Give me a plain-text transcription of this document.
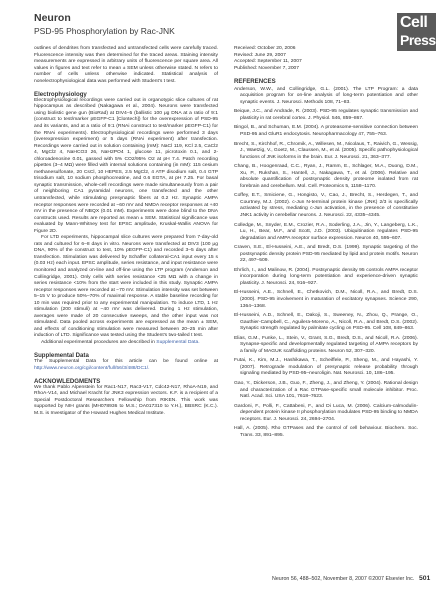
Neuron
PSD-95 Phosphorylation by Rac-JNK	Cell
Press

outlines of dendrites from transfected and untransfected cells were carefully traced. Fluorescence intensity was then determined for the traced areas. Staining intensity measurements are expressed in arbitrary units of fluorescence per square area. All values in figures and text refer to mean ± SEM unless otherwise stated. N refers to number of cells unless otherwise indicated. Statistical analysis of nonelectrophysiological data was performed with Student's t test.

Electrophysiology

Electrophysiological recordings were carried out in organotypic slice cultures of rat hippocampus as described (Nakagawa et al., 2004). Neurons were transfected using biolistic gene gun (BioRad) at DIV4–5 (ballistic 100 μg DNA at a ratio of 9:1 (construct to test/marker pEGFP-C1 [Clontech]) for the overexpression of PSD-95 and its variants, and at a ratio of 9:1 (RNAi construct to test/marker pEGFP-C1) for the RNAi experiments). Electrophysiological recordings were performed 3 days (overexpression experiment) or 5 days (RNAi experiment) after transfection. Recordings were carried out in solution containing (mM): NaCl 119, KCl 2.5, CaCl2 4, MgCl2 4, NaHCO3 26, NaH2PO4 1, glucose 11, picrotoxin 0.1, and 2-chloroadenosine 0.01, gassed with 5% CO2/95% O2 at pH 7.4. Patch recording pipettes (3–4 MΩ) were filled with internal solutions containing (in mM): 115 cesium methanesulfonate, 20 CsCl, 10 HEPES, 2.5 MgCl2, 4 ATP disodium salt, 0.4 GTP trisodium salt, 10 sodium phosphocreatine, and 0.6 EGTA, at pH 7.25. For basal synaptic transmission, whole-cell recordings were made simultaneously from a pair of neighboring CA1 pyramidal neurons, one transfected and the other untransfected, while stimulating presynaptic fibers at 0.2 Hz. Synaptic AMPA receptor responses were recorded at −60 mV and NMDA receptor responses at +40 mV in the presence of NBQX (0.01 mM). Experiments were done blind to the DNA constructs used. Results are reported as mean ± SEM. Statistical significance was evaluated by Mann-Whitney test for EPSC amplitude, Kruskal-Wallis ANOVA for Figure 2D.

For LTD experiments, hippocampal slice cultures were prepared from 7-day-old rats and cultured for 6–8 days in vitro. Neurons were transfected at DIV3 (100 μg DNA, 90% of the construct to test, 10% pEGFP-C1) and recorded 3–5 days after transfection. Stimulation was delivered by Schaffer collateral-CA1 input every 15 s (0.03 Hz) each input. EPSC amplitude, series resistance, and input resistance were monitored and analyzed on-line and off-line using the LTP program (Anderson and Collingridge, 2001). Only cells with series resistance <25 MΩ with a change in series resistance <10% from the start were included in this study. Synaptic AMPA receptor responses were recorded at −70 mV. Stimulation intensity was set between 5–15 V to produce 50%–70% of maximal response. A stable baseline recording for 10 min was required prior to any experimental manipulation. To induce LTD, 1 Hz stimulation (200 stimuli) at −40 mV was delivered. During 1 Hz stimulation, averages were made of 20 consecutive sweeps, and the other input was not stimulated. Data pooled across experiments are expressed as the mean ± SEM, and effects of conditioning stimulation were measured between 20–25 min after induction of LTD. Significance was tested using the Student's two-tailed t test.

Additional experimental procedures are described in Supplemental Data.

Supplemental Data

The Supplemental Data for this article can be found online at http://www.neuron.org/cgi/content/full/56/3/488/DC1/.

ACKNOWLEDGMENTS

We thank Pablo Alpenstein for Rac1-N17, Rac3-V17, Cdc42-N17, RhoA-N19, and RhoA-V14, and Michael Kracht for JNK3 expression vectors. K.F. is a recipient of a Special Postdoctoral Researchers Fellowship from RIKEN. This work was supported by NIH grants (MH078936 to M.S.; DA017310 to Y.H.), BBSRC (K.C.). M.S. is Investigator of the Howard Hughes Medical Institute.

Received: October 20, 2006

Revised: June 29, 2007

Accepted: September 11, 2007

Published: November 7, 2007

REFERENCES

Anderson, W.W., and Collingridge, G.L. (2001). The LTP Program: a data acquisition program for on-line analysis of long-term potentiation and other synaptic events. J. Neurosci. Methods 108, 71–83.

Beique, J.C., and Andrade, R. (2003). PSD-95 regulates synaptic transmission and plasticity in rat cerebral cortex. J. Physiol. 546, 859–867.

Bingol, B., and Schuman, E.M. (2004). A proteasome-sensitive connection between PSD-95 and GluR1 endocytosis. Neuropharmacology 47, 755–763.

Brecht, S., Kirchhof, R., Chromik, A., Willesen, M., Nicolaus, T., Raivich, G., Wessig, J., Waetzig, V., Goetz, M., Claussen, M., et al. (2005). Specific pathophysiological functions of JNK isoforms in the brain. Eur. J. Neurosci. 21, 363–377.

Chang, B., Hoogenraad, C.C., Ryan, J., Ramm, E., Schlager, M.A., Duong, D.M., Xu, P., Rukshan, S., Hantell, J., Nakagawa, T., et al. (2006). Relative and absolute quantification of postsynaptic density proteome isolated from rat forebrain and cerebellum. Mol. Cell. Proteomics 5, 1158–1170.

Coffey, E.T., Smiciene, G., Hongisto, V., Cao, J., Brecht, S., Herdegen, T., and Courtney, M.J. (2002). c-Jun N-terminal protein kinase (JNK) 2/3 is specifically activated by stress, mediating c-Jun activation, in the presence of constitutive JNK1 activity in cerebellar neurons. J. Neurosci. 22, 4335–4345.

Colledge, M., Snyder, E.M., Crozier, R.A., Soderling, J.A., Jin, Y., Langeberg, L.K., Lu, H., Bear, M.F., and Scott, J.D. (2003). Ubiquitination regulates PSD-95 degradation and AMPA receptor surface expression. Neuron 40, 595–607.

Craven, S.E., El-Husseini, A.E., and Bredt, D.S. (1999). Synaptic targeting of the postsynaptic density protein PSD-95 mediated by lipid and protein motifs. Neuron 22, 497–509.

Ehrlich, I., and Malinow, R. (2004). Postsynaptic density 95 controls AMPA receptor incorporation during long-term potentiation and experience-driven synaptic plasticity. J. Neurosci. 24, 916–927.

El-Husseini, A.E., Schnell, E., Chetkovich, D.M., Nicoll, R.A., and Bredt, D.S. (2000). PSD-95 involvement in maturation of excitatory synapses. Science 290, 1364–1368.

El-Husseini, A.D., Schnell, E., Dakoji, S., Sweeney, N., Zhou, Q., Prange, O., Gauthier-Campbell, C., Aguilera-Moreno, A., Nicoll, R.A., and Bredt, D.S. (2002). Synaptic strength regulated by palmitate cycling on PSD-95. Cell 108, 849–863.

Elias, G.M., Funke, L., Stein, V., Grant, S.G., Bredt, D.S., and Nicoll, R.A. (2006). Synapse-specific and developmentally regulated targeting of AMPA receptors by a family of MAGUK scaffolding proteins. Neuron 52, 307–320.

Futai, K., Kim, M.J., Hashikawa, T., Scheiffele, P., Sheng, M., and Hayashi, Y. (2007). Retrograde modulation of presynaptic release probability through signaling mediated by PSD-95–neuroligin. Nat. Neurosci. 10, 186–195.

Gao, Y., Dickerson, J.B., Guo, F., Zheng, J., and Zheng, Y. (2004). Rational design and characterization of a Rac GTPase-specific small molecule inhibitor. Proc. Natl. Acad. Sci. USA 101, 7618–7623.

Gardoni, F., Polli, F., Cattabeni, F., and Di Luca, M. (2006). Calcium-calmodulin-dependent protein kinase II phosphorylation modulates PSD-95 binding to NMDA receptors. Eur. J. Neurosci. 24, 2694–2704.

Hall, A. (2005). Rho GTPases and the control of cell behaviour. Biochem. Soc. Trans. 33, 891–895.

Neuron 56, 488–502, November 8, 2007 ©2007 Elsevier Inc. 501
